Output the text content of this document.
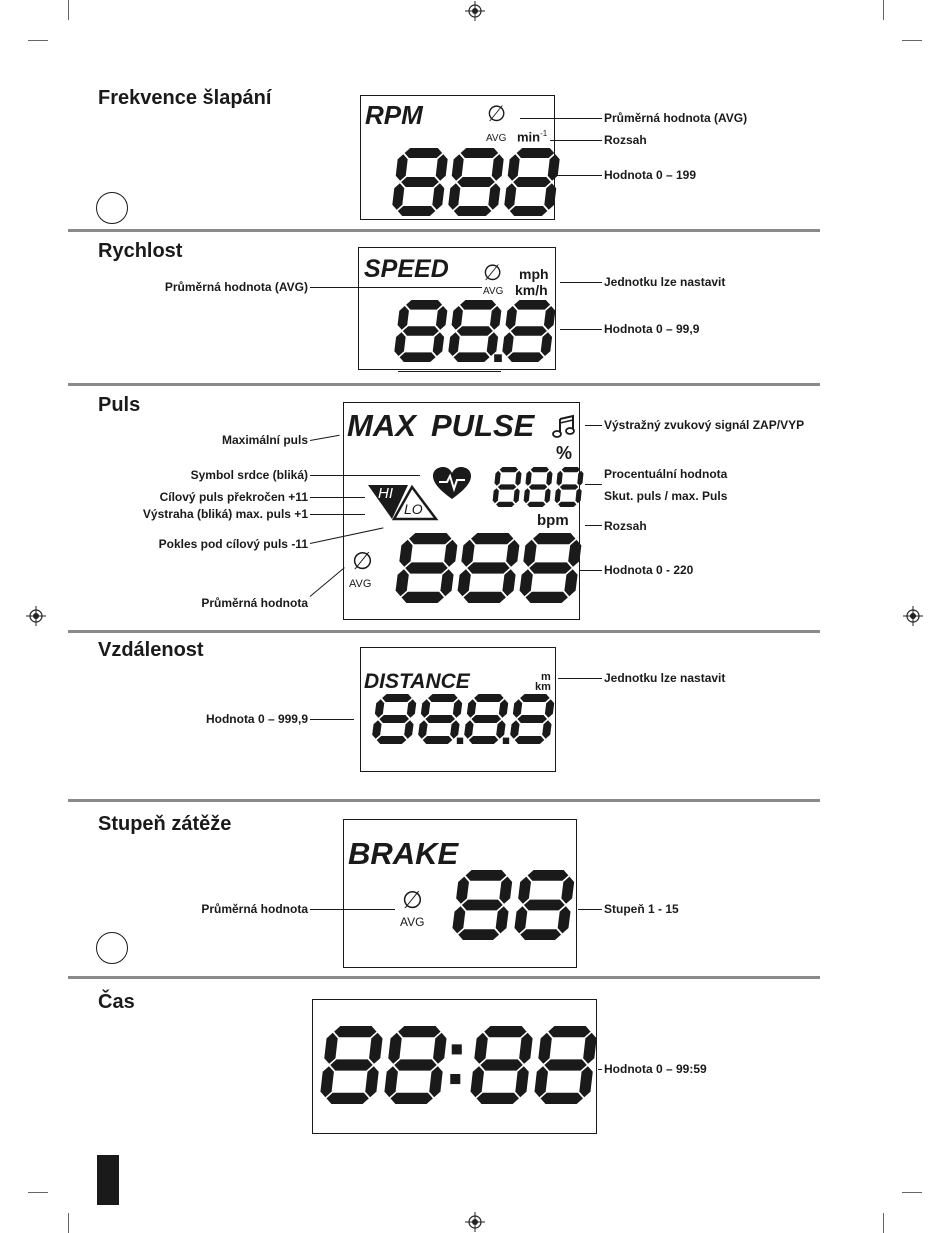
Frekvence šlapání
RPM	∅
AVG $\min^{-1}$
Průměrná hodnota (AVG)
Rozsah
Hodnota 0 – 199
Rychlost
SPEED ∅
AVG
mph
km/h
Průměrná hodnota (AVG)	Jednotku lze nastavit
Hodnota 0 – 99,9
Puls
MAX PULSE
%
bpm
HI
LO
∅
AVG
Maximální puls
Symbol srdce (bliká)
Cílový puls překročen +11
Výstraha (bliká) max. puls +1
Pokles pod cílový puls -11
Průměrná hodnota
Výstražný zvukový signál ZAP/VYP
Procentuální hodnota
Skut. puls / max. Puls
Rozsah
Hodnota 0 - 220
Vzdálenost
DISTANCE	m
km
Hodnota 0 – 999,9
Jednotku lze nastavit
Stupeň zátěže
BRAKE
∅
AVG
Průměrná hodnota	Stupeň 1 - 15
Čas
Hodnota 0 – 99:59
